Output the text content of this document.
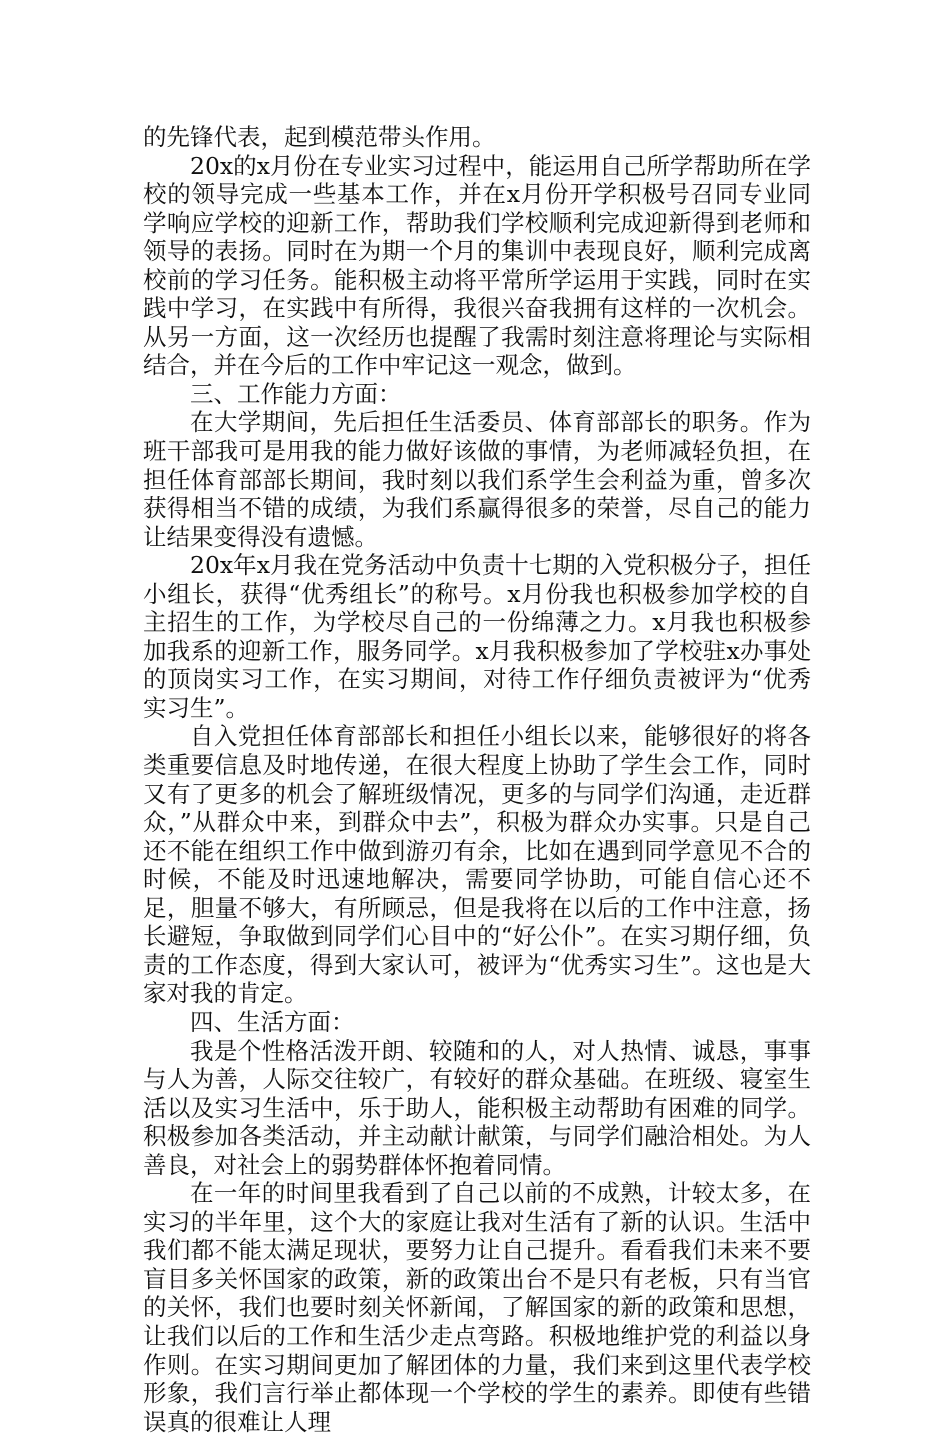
的先锋代表，起到模范带头作用。

20x的x月份在专业实习过程中，能运用自己所学帮助所在学校的领导完成一些基本工作，并在x月份开学积极号召同专业同学响应学校的迎新工作，帮助我们学校顺利完成迎新得到老师和领导的表扬。同时在为期一个月的集训中表现良好，顺利完成离校前的学习任务。能积极主动将平常所学运用于实践，同时在实践中学习，在实践中有所得，我很兴奋我拥有这样的一次机会。从另一方面，这一次经历也提醒了我需时刻注意将理论与实际相结合，并在今后的工作中牢记这一观念，做到。

三、工作能力方面：

在大学期间，先后担任生活委员、体育部部长的职务。作为班干部我可是用我的能力做好该做的事情，为老师减轻负担，在担任体育部部长期间，我时刻以我们系学生会利益为重，曾多次获得相当不错的成绩，为我们系赢得很多的荣誉，尽自己的能力让结果变得没有遗憾。

20x年x月我在党务活动中负责十七期的入党积极分子，担任小组长，获得“优秀组长”的称号。x月份我也积极参加学校的自主招生的工作，为学校尽自己的一份绵薄之力。x月我也积极参加我系的迎新工作，服务同学。x月我积极参加了学校驻x办事处的顶岗实习工作，在实习期间，对待工作仔细负责被评为“优秀实习生”。

自入党担任体育部部长和担任小组长以来，能够很好的将各类重要信息及时地传递，在很大程度上协助了学生会工作，同时又有了更多的机会了解班级情况，更多的与同学们沟通，走近群众，”从群众中来，到群众中去”，积极为群众办实事。只是自己还不能在组织工作中做到游刃有余，比如在遇到同学意见不合的时候，不能及时迅速地解决，需要同学协助，可能自信心还不足，胆量不够大，有所顾忌，但是我将在以后的工作中注意，扬长避短，争取做到同学们心目中的“好公仆”。在实习期仔细，负责的工作态度，得到大家认可，被评为“优秀实习生”。这也是大家对我的肯定。

四、生活方面：

我是个性格活泼开朗、较随和的人，对人热情、诚恳，事事与人为善，人际交往较广，有较好的群众基础。在班级、寝室生活以及实习生活中，乐于助人，能积极主动帮助有困难的同学。积极参加各类活动，并主动献计献策，与同学们融洽相处。为人善良，对社会上的弱势群体怀抱着同情。

在一年的时间里我看到了自己以前的不成熟，计较太多，在实习的半年里，这个大的家庭让我对生活有了新的认识。生活中我们都不能太满足现状，要努力让自己提升。看看我们未来不要盲目多关怀国家的政策，新的政策出台不是只有老板，只有当官的关怀，我们也要时刻关怀新闻，了解国家的新的政策和思想，让我们以后的工作和生活少走点弯路。积极地维护党的利益以身作则。在实习期间更加了解团体的力量，我们来到这里代表学校形象，我们言行举止都体现一个学校的学生的素养。即使有些错误真的很难让人理
